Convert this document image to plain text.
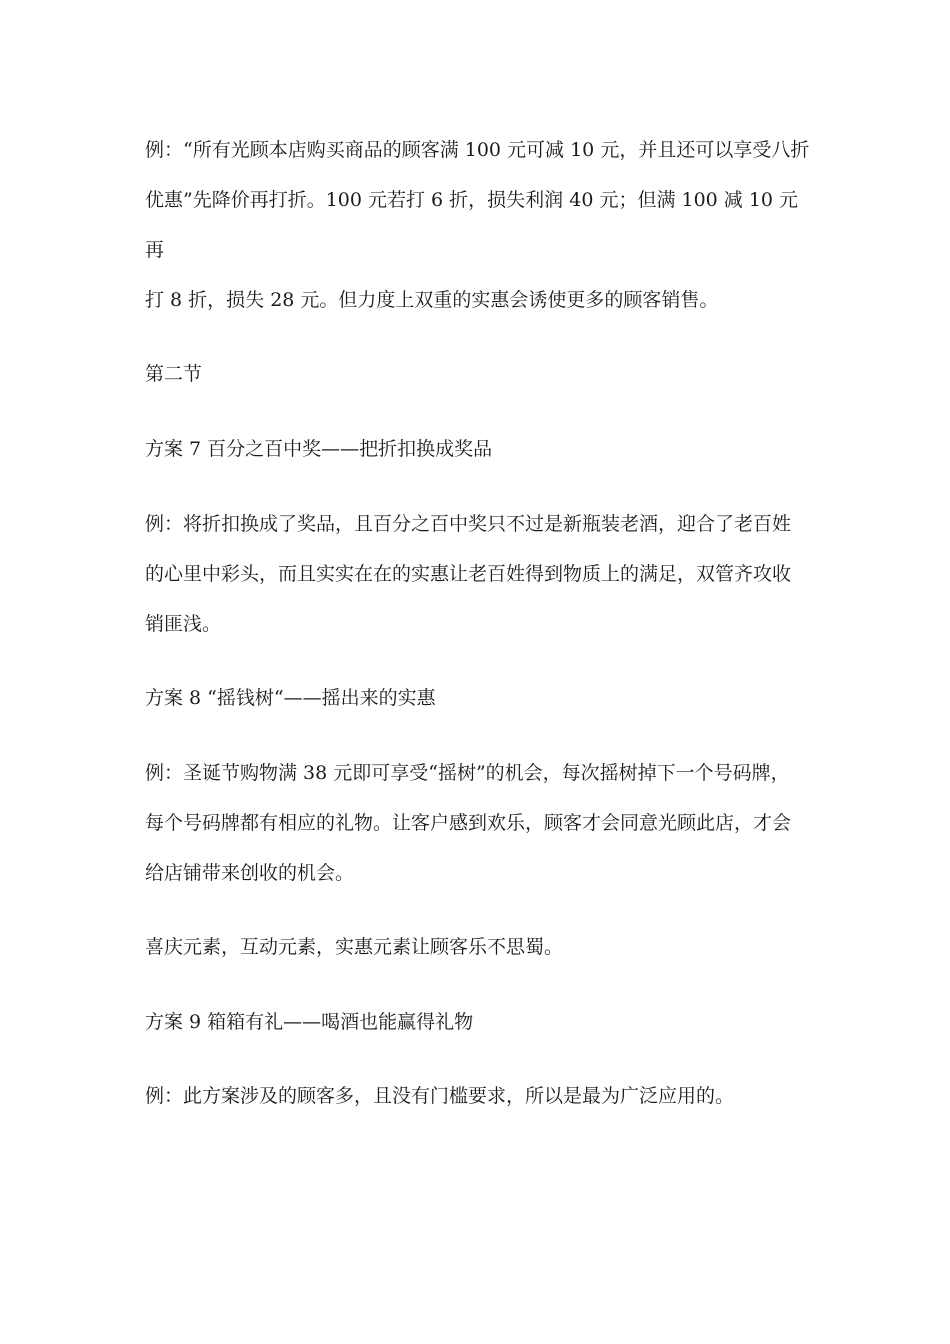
例：“所有光顾本店购买商品的顾客满 100 元可减 10 元，并且还可以享受八折
优惠”先降价再打折。100 元若打 6 折，损失利润 40 元；但满 100 减 10 元再
打 8 折，损失 28 元。但力度上双重的实惠会诱使更多的顾客销售。
第二节
方案 7 百分之百中奖——把折扣换成奖品
例：将折扣换成了奖品，且百分之百中奖只不过是新瓶装老酒，迎合了老百姓
的心里中彩头，而且实实在在的实惠让老百姓得到物质上的满足，双管齐攻收
销匪浅。
方案 8 “摇钱树“——摇出来的实惠
例：圣诞节购物满 38 元即可享受“摇树”的机会，每次摇树掉下一个号码牌，
每个号码牌都有相应的礼物。让客户感到欢乐，顾客才会同意光顾此店，才会
给店铺带来创收的机会。
喜庆元素，互动元素，实惠元素让顾客乐不思蜀。
方案 9 箱箱有礼——喝酒也能赢得礼物
例：此方案涉及的顾客多，且没有门槛要求，所以是最为广泛应用的。
